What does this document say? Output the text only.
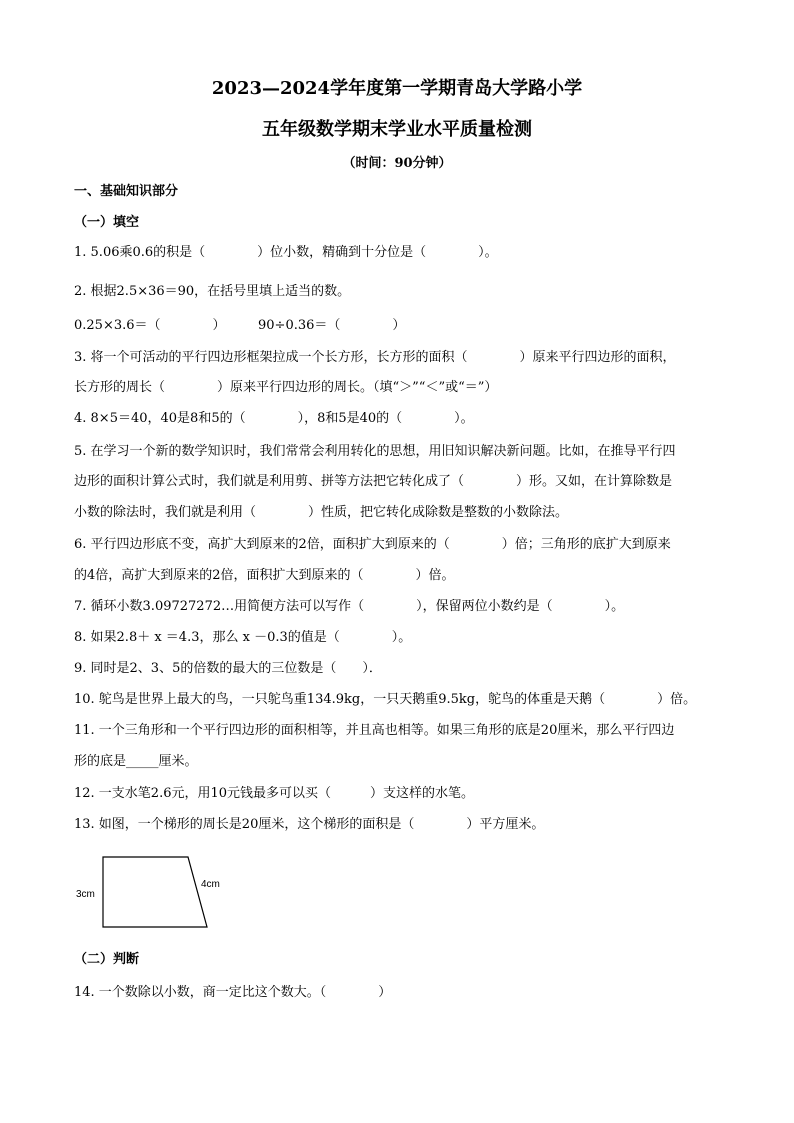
2023—2024学年度第一学期青岛大学路小学
五年级数学期末学业水平质量检测
（时间：90分钟）
一、基础知识部分
（一）填空
1. 5.06乘0.6的积是（　　　　）位小数，精确到十分位是（　　　　）。
2. 根据2.5×36＝90，在括号里填上适当的数。
0.25×3.6＝（　　　　）　　　90÷0.36＝（　　　　）
3. 将一个可活动的平行四边形框架拉成一个长方形，长方形的面积（　　　　）原来平行四边形的面积，
长方形的周长（　　　　）原来平行四边形的周长。（填“＞”“＜”或“＝”）
4. 8×5＝40，40是8和5的（　　　　），8和5是40的（　　　　）。
5. 在学习一个新的数学知识时，我们常常会利用转化的思想，用旧知识解决新问题。比如，在推导平行四
边形的面积计算公式时，我们就是利用剪、拼等方法把它转化成了（　　　　）形。又如，在计算除数是
小数的除法时，我们就是利用（　　　　）性质，把它转化成除数是整数的小数除法。
6. 平行四边形底不变，高扩大到原来的2倍，面积扩大到原来的（　　　　）倍；三角形的底扩大到原来
的4倍，高扩大到原来的2倍，面积扩大到原来的（　　　　）倍。
7. 循环小数3.09727272…用简便方法可以写作（　　　　），保留两位小数约是（　　　　）。
8. 如果2.8＋ x ＝4.3，那么 x －0.3的值是（　　　　）。
9. 同时是2、3、5的倍数的最大的三位数是（　　）．
10. 鸵鸟是世界上最大的鸟，一只鸵鸟重134.9kg，一只天鹅重9.5kg，鸵鸟的体重是天鹅（　　　　）倍。
11. 一个三角形和一个平行四边形的面积相等，并且高也相等。如果三角形的底是20厘米，那么平行四边
形的底是_____厘米。
12. 一支水笔2.6元，用10元钱最多可以买（　　　）支这样的水笔。
13. 如图，一个梯形的周长是20厘米，这个梯形的面积是（　　　　）平方厘米。
3cm
4cm
（二）判断
14. 一个数除以小数，商一定比这个数大。（　　　　）
